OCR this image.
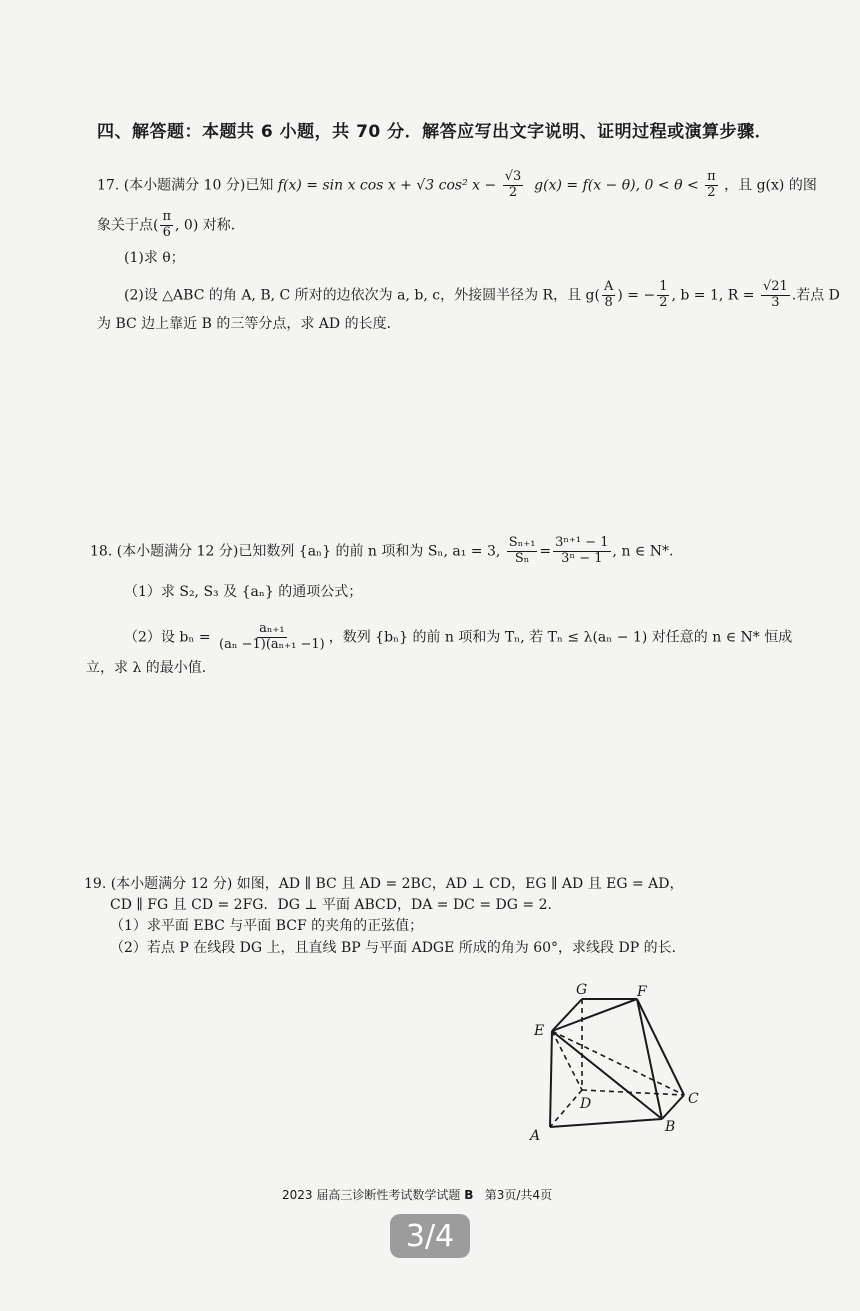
四、解答题：本题共 6 小题，共 70 分．解答应写出文字说明、证明过程或演算步骤．
17. (本小题满分 10 分)已知 f(x) = sin x cos x + √3 cos² $x - \frac{√3}{2} g(x) = f(x - \theta)$, $0 < \theta < \frac{\pi}{2}$ ，且 g(x) 的图
象关于点( $\frac{\pi}{6}$ , 0) 对称．
(1)求 θ；
(2)设 △ABC 的角 A, B, C 所对的边依次为 a, b, c，外接圆半径为 R，且 $g( \frac{A}{8}$ ) = − $\frac{1}{2}$ , b = 1, $R = \frac{√21}{3}$ .若点 D
为 BC 边上靠近 B 的三等分点，求 AD 的长度．
18. (本小题满分 12 分)已知数列 {aₙ} 的前 n 项和为 Sₙ, a₁ = 3, $\frac{\text{Sₙ₊₁}}{\text{Sₙ}} = \frac{\text{3ⁿ⁺¹ − 1}}{\text{3ⁿ − 1}}$ , n ∈ N*.
（1）求 S₂, S₃ 及 {aₙ} 的通项公式；
（2）设 $b_n = \frac{\text{aₙ₊₁}}{\text{(aₙ −1)(aₙ₊₁ −1)}}$ ，数列 {bₙ} 的前 n 项和为 Tₙ, 若 Tₙ ≤ λ(aₙ − 1) 对任意的 n ∈ N* 恒成
立，求 λ 的最小值．
19. (本小题满分 12 分) 如图，AD ∥ BC 且 AD = 2BC，AD ⊥ CD，EG ∥ AD 且 EG = AD，
CD ∥ FG 且 CD = 2FG．DG ⊥ 平面 ABCD，DA = DC = DG = 2．
（1）求平面 EBC 与平面 BCF 的夹角的正弦值；
（2）若点 P 在线段 DG 上，且直线 BP 与平面 ADGE 所成的角为 60°，求线段 DP 的长．
G	F
E
D	C
B
A
2023 届高三诊断性考试数学试题 B 第3页/共4页
3/4
